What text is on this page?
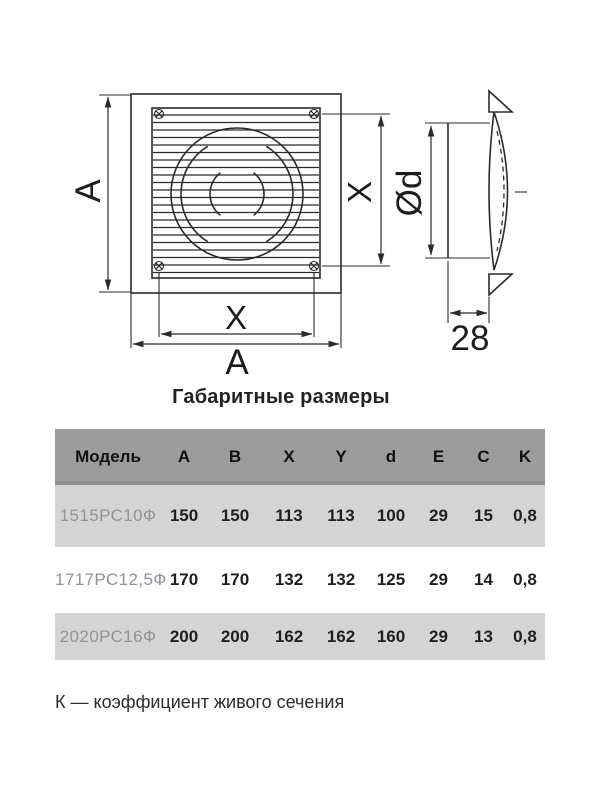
A	X
X
A
Ød
28
Габаритные размеры
Модель	A	B	X	Y	d	E	C	K
1515РС10Ф	150	150	113	113	100	29	15	0,8
1717РС12,5Ф	170	170	132	132	125	29	14	0,8
2020РС16Ф	200	200	162	162	160	29	13	0,8

К — коэффициент живого сечения
